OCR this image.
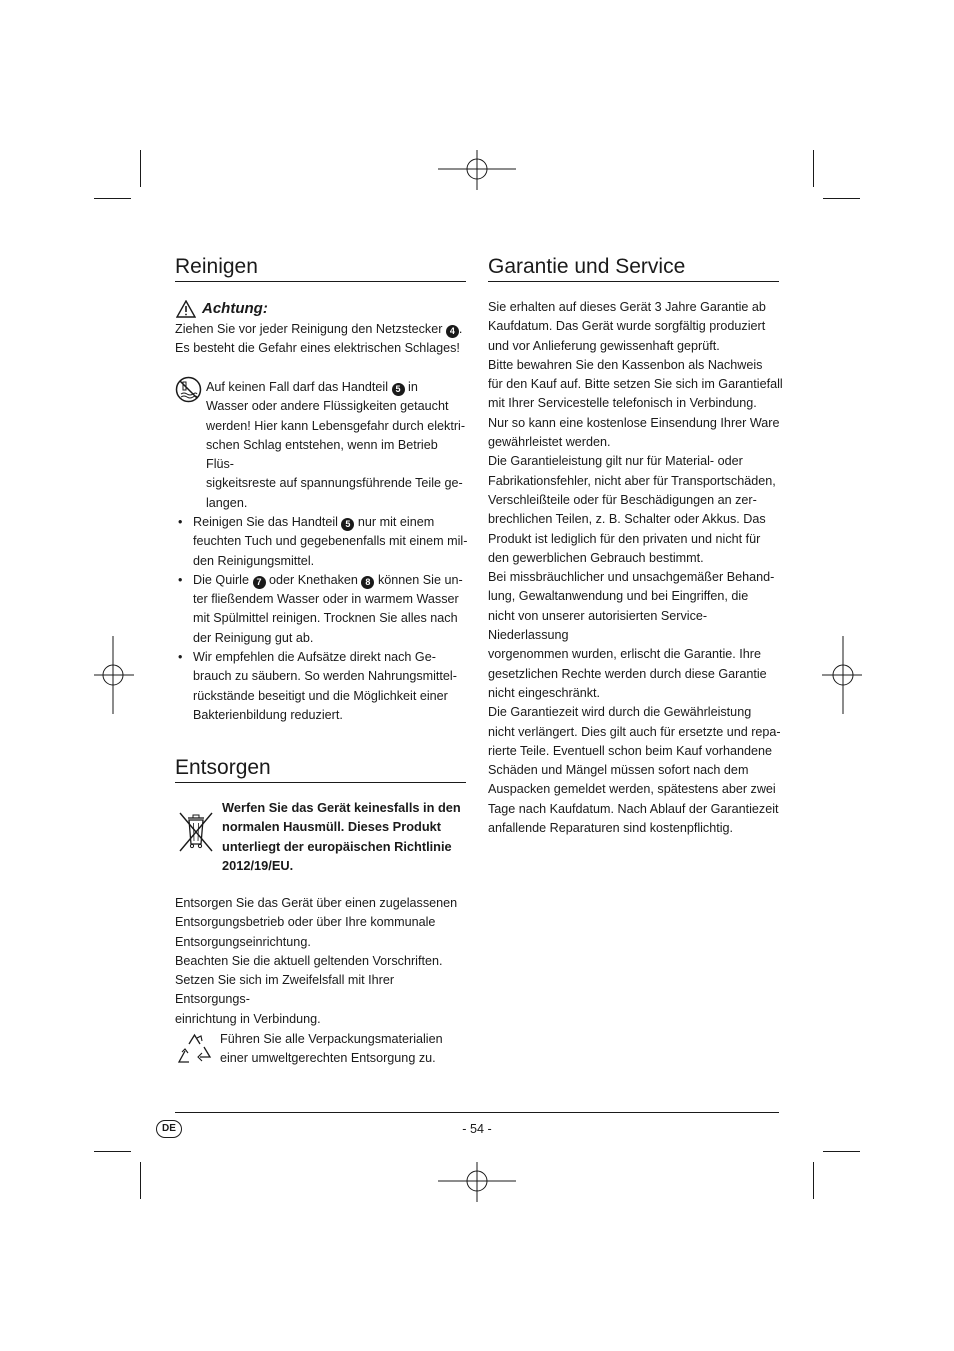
Reinigen
Achtung:
Ziehen Sie vor jeder Reinigung den Netzstecker 4 .
Es besteht die Gefahr eines elektrischen Schlages!
Auf keinen Fall darf das Handteil 5 in
Wasser oder andere Flüssigkeiten getaucht
werden! Hier kann Lebensgefahr durch elektri-
schen Schlag entstehen, wenn im Betrieb Flüs-
sigkeitsreste auf spannungsführende Teile ge-
langen.
• Reinigen Sie das Handteil 5 nur mit einem
feuchten Tuch und gegebenenfalls mit einem mil-
den Reinigungsmittel.
• Die Quirle 7 oder Knethaken 8 können Sie un-
ter fließendem Wasser oder in warmem Wasser
mit Spülmittel reinigen. Trocknen Sie alles nach
der Reinigung gut ab.
• Wir empfehlen die Aufsätze direkt nach Ge-
brauch zu säubern. So werden Nahrungsmittel-
rückstände beseitigt und die Möglichkeit einer
Bakterienbildung reduziert.
Entsorgen
Werfen Sie das Gerät keinesfalls in den
normalen Hausmüll. Dieses Produkt
unterliegt der europäischen Richtlinie
2012/19/EU.
Entsorgen Sie das Gerät über einen zugelassenen
Entsorgungsbetrieb oder über Ihre kommunale
Entsorgungseinrichtung.
Beachten Sie die aktuell geltenden Vorschriften.
Setzen Sie sich im Zweifelsfall mit Ihrer Entsorgungs-
einrichtung in Verbindung.
Führen Sie alle Verpackungsmaterialien
einer umweltgerechten Entsorgung zu.
Garantie und Service
Sie erhalten auf dieses Gerät 3 Jahre Garantie ab
Kaufdatum. Das Gerät wurde sorgfältig produziert
und vor Anlieferung gewissenhaft geprüft.
Bitte bewahren Sie den Kassenbon als Nachweis
für den Kauf auf. Bitte setzen Sie sich im Garantiefall
mit Ihrer Servicestelle telefonisch in Verbindung.
Nur so kann eine kostenlose Einsendung Ihrer Ware
gewährleistet werden.
Die Garantieleistung gilt nur für Material- oder
Fabrikationsfehler, nicht aber für Transportschäden,
Verschleißteile oder für Beschädigungen an zer-
brechlichen Teilen, z. B. Schalter oder Akkus. Das
Produkt ist lediglich für den privaten und nicht für
den gewerblichen Gebrauch bestimmt.
Bei missbräuchlicher und unsachgemäßer Behand-
lung, Gewaltanwendung und bei Eingriffen, die
nicht von unserer autorisierten Service-Niederlassung
vorgenommen wurden, erlischt die Garantie. Ihre
gesetzlichen Rechte werden durch diese Garantie
nicht eingeschränkt.
Die Garantiezeit wird durch die Gewährleistung
nicht verlängert. Dies gilt auch für ersetzte und repa-
rierte Teile. Eventuell schon beim Kauf vorhandene
Schäden und Mängel müssen sofort nach dem
Auspacken gemeldet werden, spätestens aber zwei
Tage nach Kaufdatum. Nach Ablauf der Garantiezeit
anfallende Reparaturen sind kostenpflichtig.
DE	- 54 -
